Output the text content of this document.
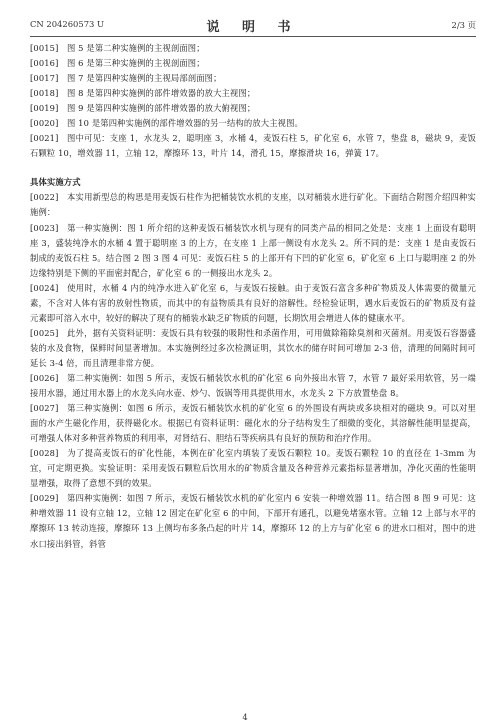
CN 204260573 U	说 明 书	2/3 页
[0015]  图 5 是第二种实施例的主视剖面图；
[0016]  图 6 是第三种实施例的主视剖面图；
[0017]  图 7 是第四种实施例的主视局部剖面图；
[0018]  图 8 是第四种实施例的部件增效器的放大主视图；
[0019]  图 9 是第四种实施例的部件增效器的放大俯视图；
[0020]  图 10 是第四种实施例的部件增效器的另一结构的放大主视图。
[0021]  图中可见：支座 1，水龙头 2，聪明座 3，水桶 4，麦饭石柱 5，矿化室 6，水管 7，垫盘 8，磁块 9，麦饭石颗粒 10，增效器 11，立轴 12，摩擦环 13，叶片 14，滑孔 15，摩擦滑块 16，弹簧 17。
具体实施方式
[0022]  本实用新型总的构思是用麦饭石柱作为把桶装饮水机的支座，以对桶装水进行矿化。下面结合附图介绍四种实施例：
[0023]  第一种实施例：图 1 所介绍的这种麦饭石桶装饮水机与现有的同类产品的相同之处是：支座 1 上面设有聪明座 3，盛装纯净水的水桶 4 置于聪明座 3 的上方，在支座 1 上部一侧设有水龙头 2。所不同的是：支座 1 是由麦饭石制成的麦饭石柱 5。结合图 2 图 3 图 4 可见：麦饭石柱 5 的上部开有下凹的矿化室 6，矿化室 6 上口与聪明座 2 的外边缘特别是下侧的平面密封配合，矿化室 6 的一侧接出水龙头 2。
[0024]  使用时，水桶 4 内的纯净水进入矿化室 6，与麦饭石接触。由于麦饭石富含多种矿物质及人体需要的微量元素，不含对人体有害的放射性物质，而其中的有益物质具有良好的溶解性。经检验证明，遇水后麦饭石的矿物质及有益元素即可溶入水中，较好的解决了现有的桶装水缺乏矿物质的问题，长期饮用会增进人体的健康水平。
[0025]  此外，据有关资料证明：麦饭石具有较强的吸附性和杀菌作用，可用做除箱除臭剂和灭菌剂。用麦饭石容器盛装的水及食物，保鲜时间显著增加。本实施例经过多次检测证明，其饮水的储存时间可增加 2-3 倍，清理的间隔时间可延长 3-4 倍，而且清理非常方便。
[0026]  第二种实施例：如图 5 所示，麦饭石桶装饮水机的矿化室 6 向外接出水管 7，水管 7 最好采用软管，另一端接用水器，通过用水器上的水龙头向水壶、炒勺、饭锅等用具提供用水，水龙头 2 下方放置垫盘 8。
[0027]  第三种实施例：如图 6 所示，麦饭石桶装饮水机的矿化室 6 的外围设有两块或多块相对的磁块 9。可以对里面的水产生磁化作用，获得磁化水。根据已有资料证明：磁化水的分子结构发生了细微的变化，其溶解性能明显提高，可增强人体对多种营养物质的利用率，对肾结石、胆结石等疾病具有良好的预防和治疗作用。
[0028]  为了提高麦饭石的矿化性能，本例在矿化室内填装了麦饭石颗粒 10。麦饭石颗粒 10 的直径在 1-3mm 为宜，可定期更换。实验证明：采用麦饭石颗粒后饮用水的矿物质含量及各种营养元素指标显著增加，净化灭菌的性能明显增强，取得了意想不到的效果。
[0029]  第四种实施例：如图 7 所示，麦饭石桶装饮水机的矿化室内 6 安装一种增效器 11。结合图 8 图 9 可见：这种增效器 11 设有立轴 12，立轴 12 固定在矿化室 6 的中间，下部开有通孔，以避免堵塞水管。立轴 12 上部与水平的摩擦环 13 转动连接，摩擦环 13 上侧均布多条凸起的叶片 14，摩擦环 12 的上方与矿化室 6 的进水口相对，图中的进水口接出斜管，斜管
4
